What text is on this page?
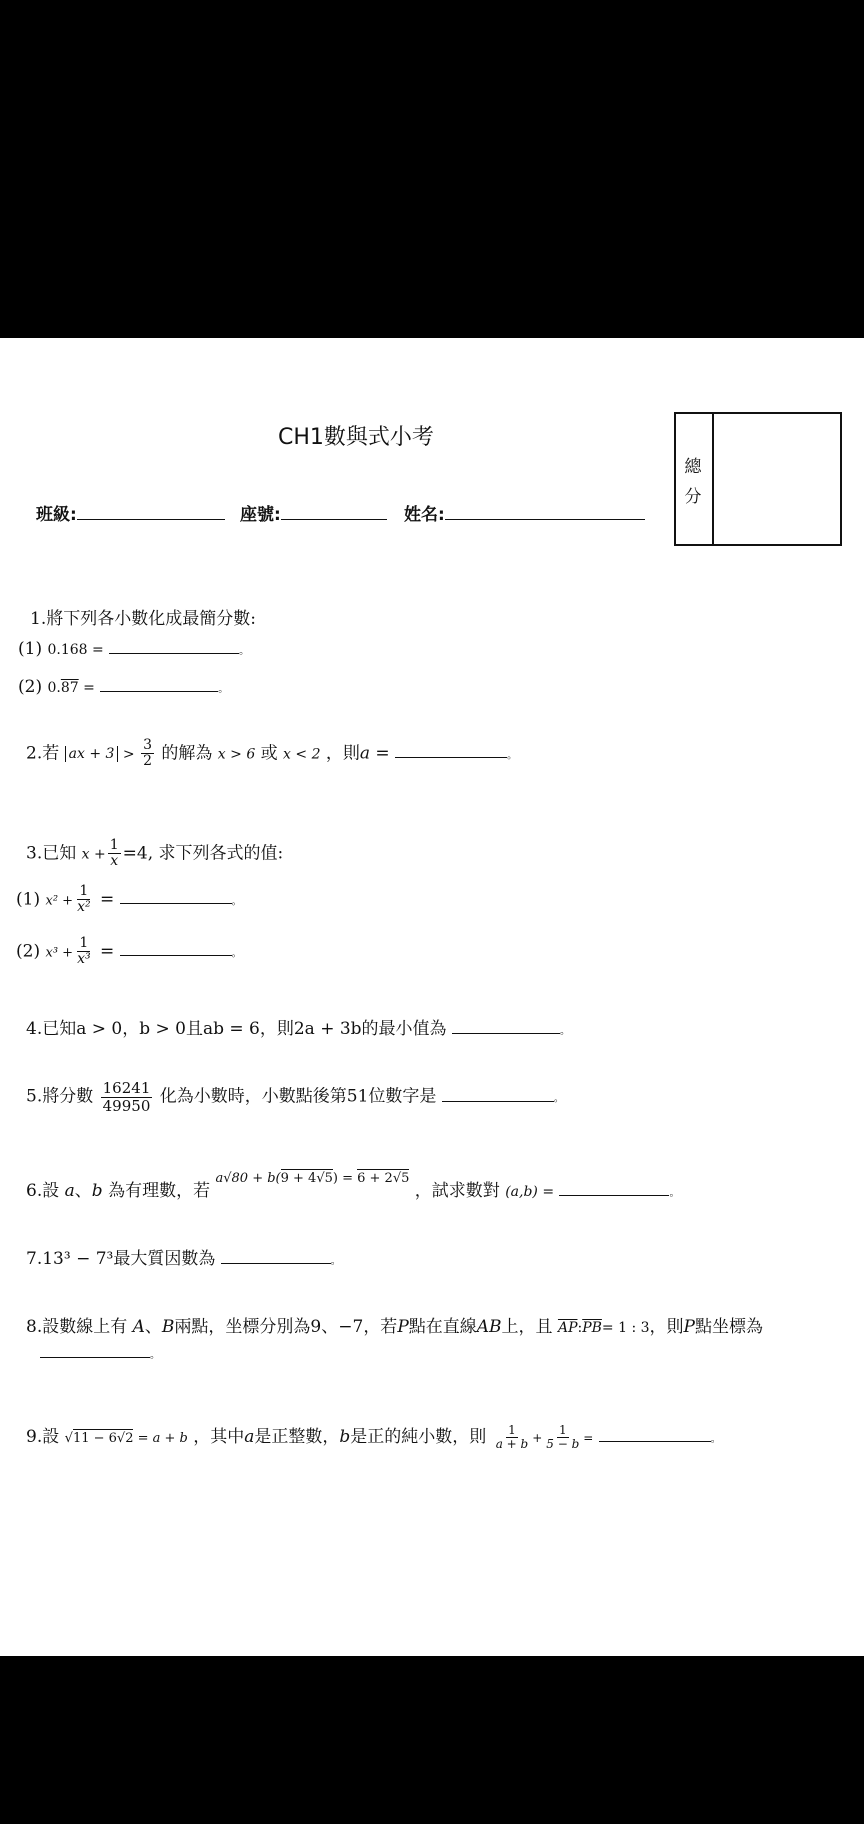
CH1數與式小考
班級:	座號:	姓名:
總分
1.將下列各小數化成最簡分數:
(1) 0.168 =	。
(2) 0.87 =	。
2.若 ax + $3 > \frac{3}{2}$ 的解為 x > 6 或 x < 2 ，則a =	。
3.已知 $x + \frac{1}{x} =4$, 求下列各式的值:
(1) $x^2 + \frac{1}{\text{x²}}$ =	。
(2) $x^3 + \frac{1}{\text{x³}}$ =	。
4.已知a > 0，b > 0且ab = 6，則2a + 3b的最小值為	。
5.將分數 $\frac{16241}{49950}$ 化為小數時，小數點後第51位數字是	。
6.設 a、b 為有理數，若 $^{a√80 + b(9 + 4√5) = 6 + 2√5}$ ，試求數對 (a,b) =	。
7.13³ − 7³最大質因數為	。
8.設數線上有 A、B兩點，坐標分別為9、−7，若P點在直線AB上，且 $\overline{AP}:\overline{PB}= 1$ : 3，則P點坐標為
。
9.設 √11 − 6√2 = a + b ，其中a是正整數，b是正的純小數，則 $\frac{1}{a + b} + \frac{1}{5 - b}$ =	。
